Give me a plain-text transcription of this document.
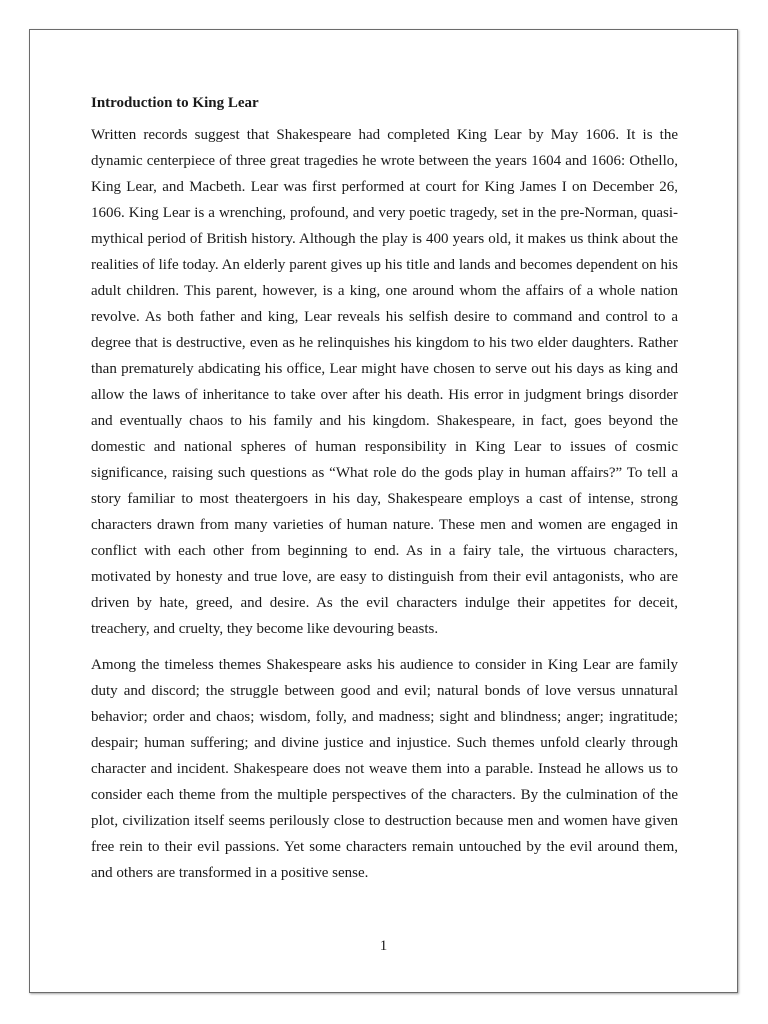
Introduction to King Lear

Written records suggest that Shakespeare had completed King Lear by May 1606. It is the dynamic centerpiece of three great tragedies he wrote between the years 1604 and 1606: Othello, King Lear, and Macbeth. Lear was first performed at court for King James I on December 26, 1606. King Lear is a wrenching, profound, and very poetic tragedy, set in the pre-Norman, quasi-mythical period of British history. Although the play is 400 years old, it makes us think about the realities of life today. An elderly parent gives up his title and lands and becomes dependent on his adult children. This parent, however, is a king, one around whom the affairs of a whole nation revolve. As both father and king, Lear reveals his selfish desire to command and control to a degree that is destructive, even as he relinquishes his kingdom to his two elder daughters. Rather than prematurely abdicating his office, Lear might have chosen to serve out his days as king and allow the laws of inheritance to take over after his death. His error in judgment brings disorder and eventually chaos to his family and his kingdom. Shakespeare, in fact, goes beyond the domestic and national spheres of human responsibility in King Lear to issues of cosmic significance, raising such questions as “What role do the gods play in human affairs?” To tell a story familiar to most theatergoers in his day, Shakespeare employs a cast of intense, strong characters drawn from many varieties of human nature. These men and women are engaged in conflict with each other from beginning to end. As in a fairy tale, the virtuous characters, motivated by honesty and true love, are easy to distinguish from their evil antagonists, who are driven by hate, greed, and desire. As the evil characters indulge their appetites for deceit, treachery, and cruelty, they become like devouring beasts.

Among the timeless themes Shakespeare asks his audience to consider in King Lear are family duty and discord; the struggle between good and evil; natural bonds of love versus unnatural behavior; order and chaos; wisdom, folly, and madness; sight and blindness; anger; ingratitude; despair; human suffering; and divine justice and injustice. Such themes unfold clearly through character and incident. Shakespeare does not weave them into a parable. Instead he allows us to consider each theme from the multiple perspectives of the characters. By the culmination of the plot, civilization itself seems perilously close to destruction because men and women have given free rein to their evil passions. Yet some characters remain untouched by the evil around them, and others are transformed in a positive sense.

1
